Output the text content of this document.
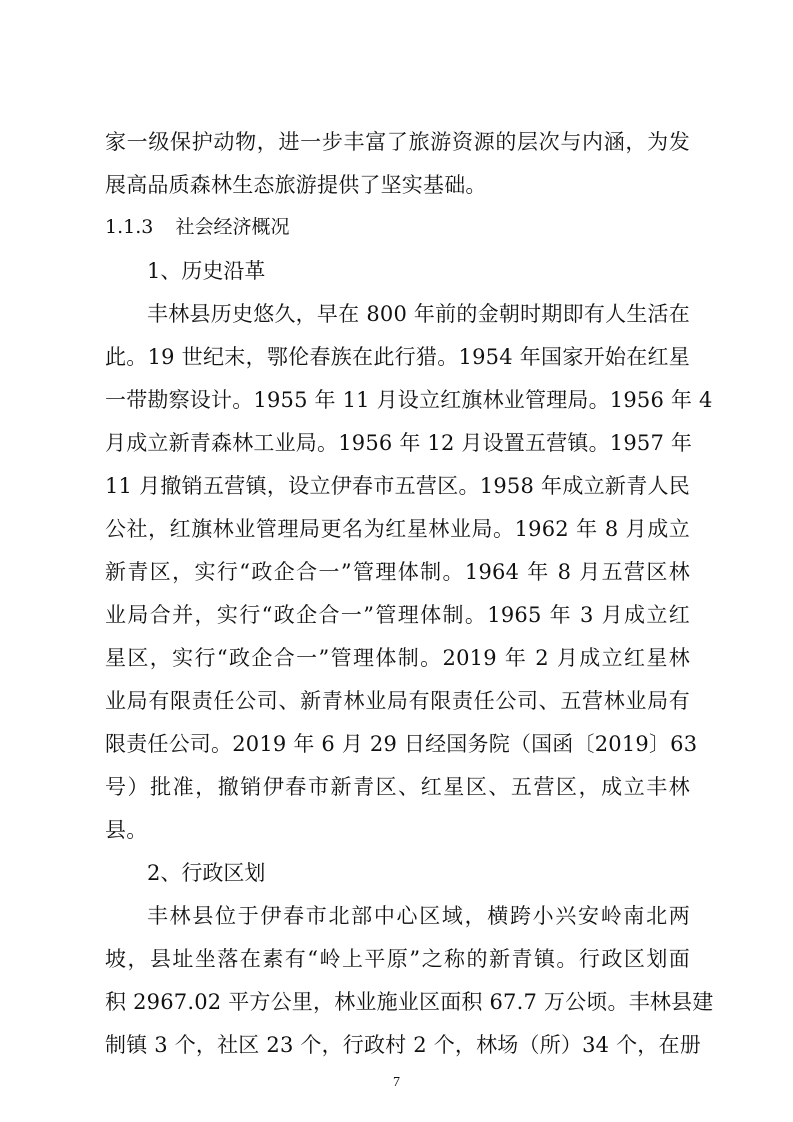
家一级保护动物，进一步丰富了旅游资源的层次与内涵，为发
展高品质森林生态旅游提供了坚实基础。
1.1.3 社会经济概况
1、历史沿革
丰林县历史悠久，早在 800 年前的金朝时期即有人生活在
此。19 世纪末，鄂伦春族在此行猎。1954 年国家开始在红星
一带勘察设计。1955 年 11 月设立红旗林业管理局。1956 年 4
月成立新青森林工业局。1956 年 12 月设置五营镇。1957 年
11 月撤销五营镇，设立伊春市五营区。1958 年成立新青人民
公社，红旗林业管理局更名为红星林业局。1962 年 8 月成立
新青区，实行“政企合一”管理体制。1964 年 8 月五营区林
业局合并，实行“政企合一”管理体制。1965 年 3 月成立红
星区，实行“政企合一”管理体制。2019 年 2 月成立红星林
业局有限责任公司、新青林业局有限责任公司、五营林业局有
限责任公司。2019 年 6 月 29 日经国务院（国函〔2019〕63
号）批准，撤销伊春市新青区、红星区、五营区，成立丰林
县。
2、行政区划
丰林县位于伊春市北部中心区域，横跨小兴安岭南北两
坡，县址坐落在素有“岭上平原”之称的新青镇。行政区划面
积 2967.02 平方公里，林业施业区面积 67.7 万公顷。丰林县建
制镇 3 个，社区 23 个，行政村 2 个，林场（所）34 个，在册
7
